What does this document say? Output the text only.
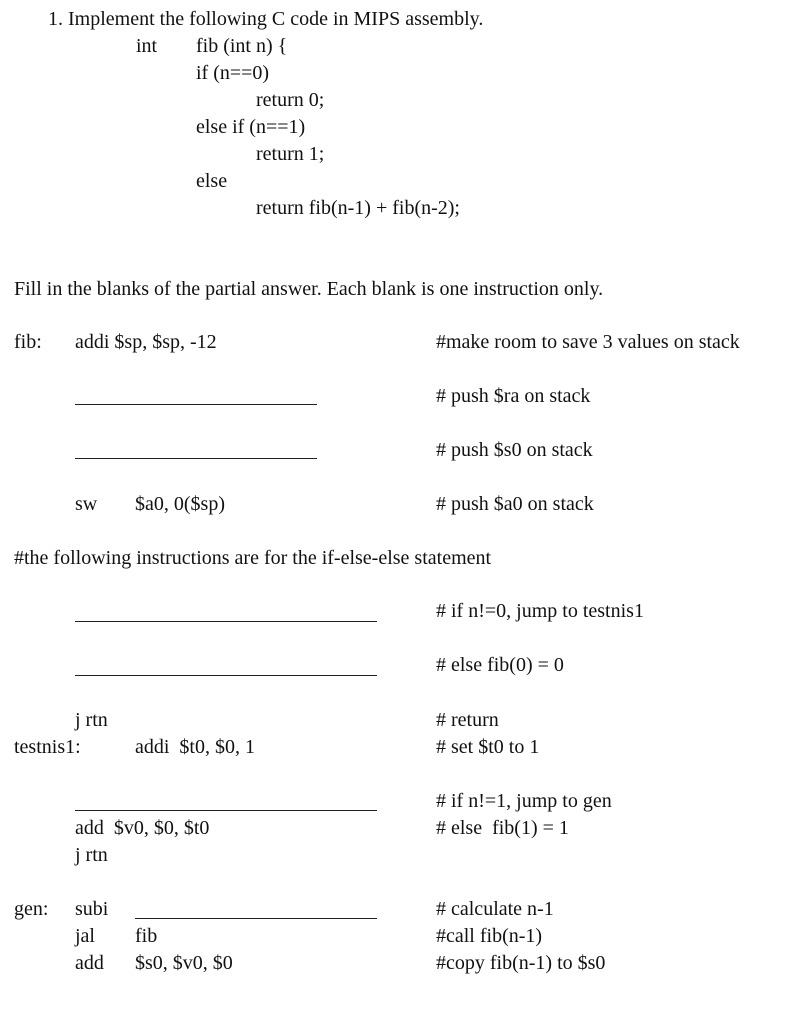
1. Implement the following C code in MIPS assembly.
int fib (int n) {
if (n==0)
return 0;
else if (n==1)
return 1;
else
return fib(n-1) + fib(n-2);
Fill in the blanks of the partial answer. Each blank is one instruction only.
fib: addi $sp, $sp, -12	#make room to save 3 values on stack
# push $ra on stack
# push $s0 on stack
sw $a0, 0($sp)	# push $a0 on stack
#the following instructions are for the if-else-else statement
# if n!=0, jump to testnis1
# else fib(0) = 0
j rtn	# return
testnis1:	addi  $t0, $0, 1	# set $t0 to 1
# if n!=1, jump to gen
add  $v0, $0, $t0	# else  fib(1) = 1
j rtn
gen: subi	# calculate n-1
jal fib	#call fib(n-1)
add $s0, $v0, $0	#copy fib(n-1) to $s0
